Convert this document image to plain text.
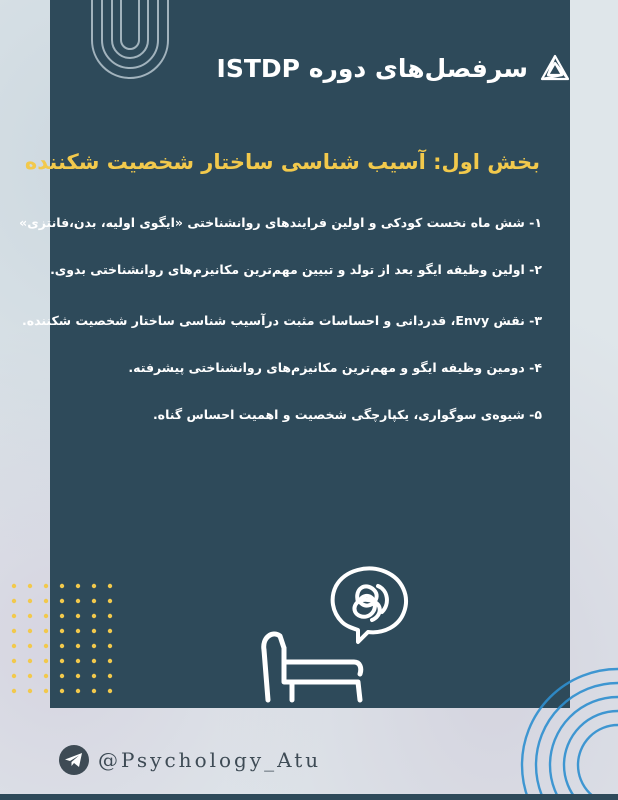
سرفصل‌های دوره ISTDP
بخش اول: آسیب شناسی ساختار شخصیت شکننده
۱- شش ماه نخست کودکی و اولین فرایندهای روانشناختی «ایگوی اولیه، بدن،فانتزی»
۲- اولین وظیفه ایگو بعد از تولد و تبیین مهم‌ترین مکانیزم‌های روانشناختی بدوی.
۳- نقش Envy، قدردانی و احساسات مثبت درآسیب شناسی ساختار شخصیت شکننده.
۴- دومین وظیفه ایگو و مهم‌ترین مکانیزم‌های روانشناختی پیشرفته.
۵- شیوه‌ی سوگواری، یکپارچگی شخصیت و اهمیت احساس گناه.
@Psychology_Atu
